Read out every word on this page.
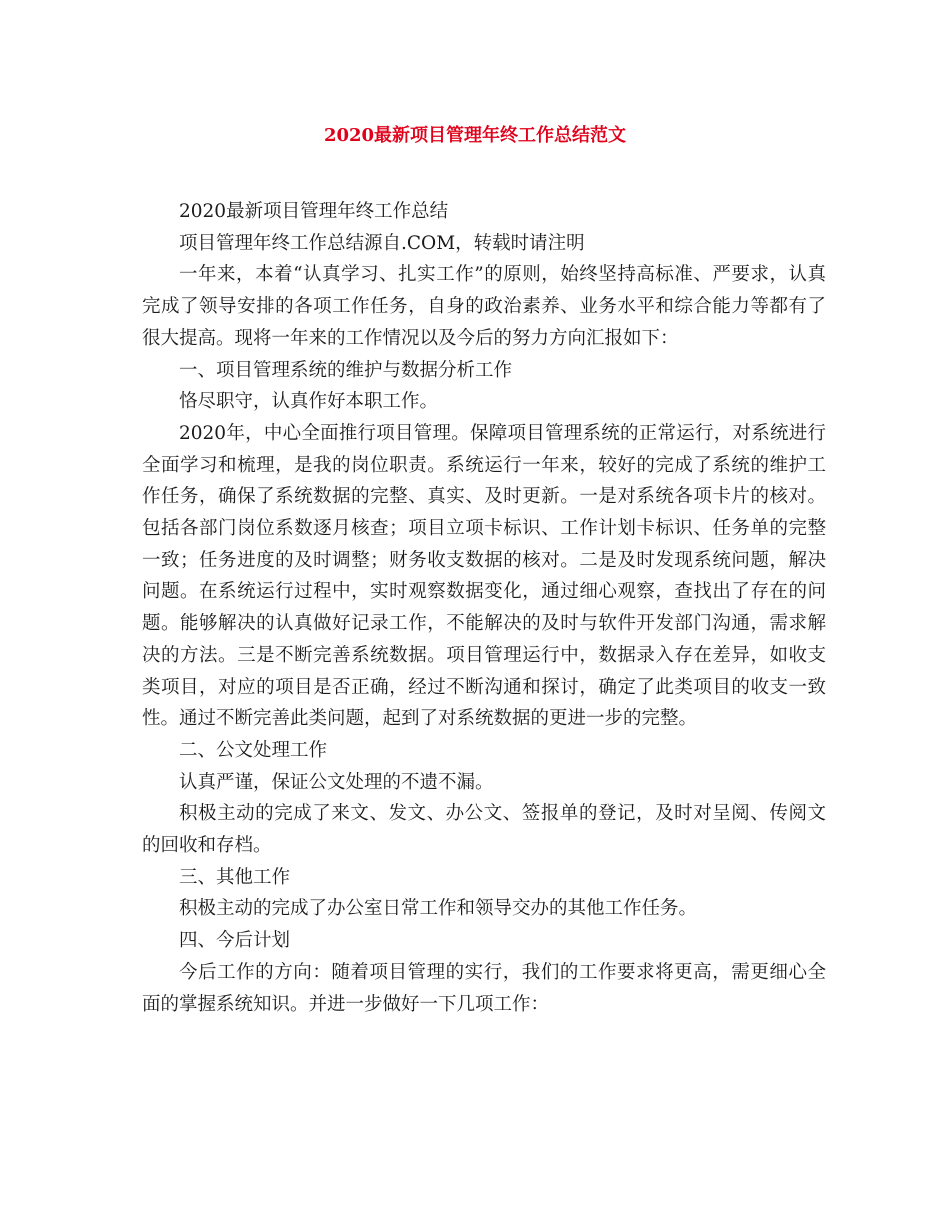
2020最新项目管理年终工作总结范文

2020最新项目管理年终工作总结

项目管理年终工作总结源自.COM，转载时请注明

一年来，本着“认真学习、扎实工作”的原则，始终坚持高标准、严要求，认真完成了领导安排的各项工作任务，自身的政治素养、业务水平和综合能力等都有了很大提高。现将一年来的工作情况以及今后的努力方向汇报如下：

一、项目管理系统的维护与数据分析工作

恪尽职守，认真作好本职工作。

2020年，中心全面推行项目管理。保障项目管理系统的正常运行，对系统进行全面学习和梳理，是我的岗位职责。系统运行一年来，较好的完成了系统的维护工作任务，确保了系统数据的完整、真实、及时更新。一是对系统各项卡片的核对。包括各部门岗位系数逐月核查；项目立项卡标识、工作计划卡标识、任务单的完整一致；任务进度的及时调整；财务收支数据的核对。二是及时发现系统问题，解决问题。在系统运行过程中，实时观察数据变化，通过细心观察，查找出了存在的问题。能够解决的认真做好记录工作，不能解决的及时与软件开发部门沟通，需求解决的方法。三是不断完善系统数据。项目管理运行中，数据录入存在差异，如收支类项目，对应的项目是否正确，经过不断沟通和探讨，确定了此类项目的收支一致性。通过不断完善此类问题，起到了对系统数据的更进一步的完整。

二、公文处理工作

认真严谨，保证公文处理的不遗不漏。

积极主动的完成了来文、发文、办公文、签报单的登记，及时对呈阅、传阅文的回收和存档。

三、其他工作

积极主动的完成了办公室日常工作和领导交办的其他工作任务。

四、今后计划

今后工作的方向：随着项目管理的实行，我们的工作要求将更高，需更细心全面的掌握系统知识。并进一步做好一下几项工作：
